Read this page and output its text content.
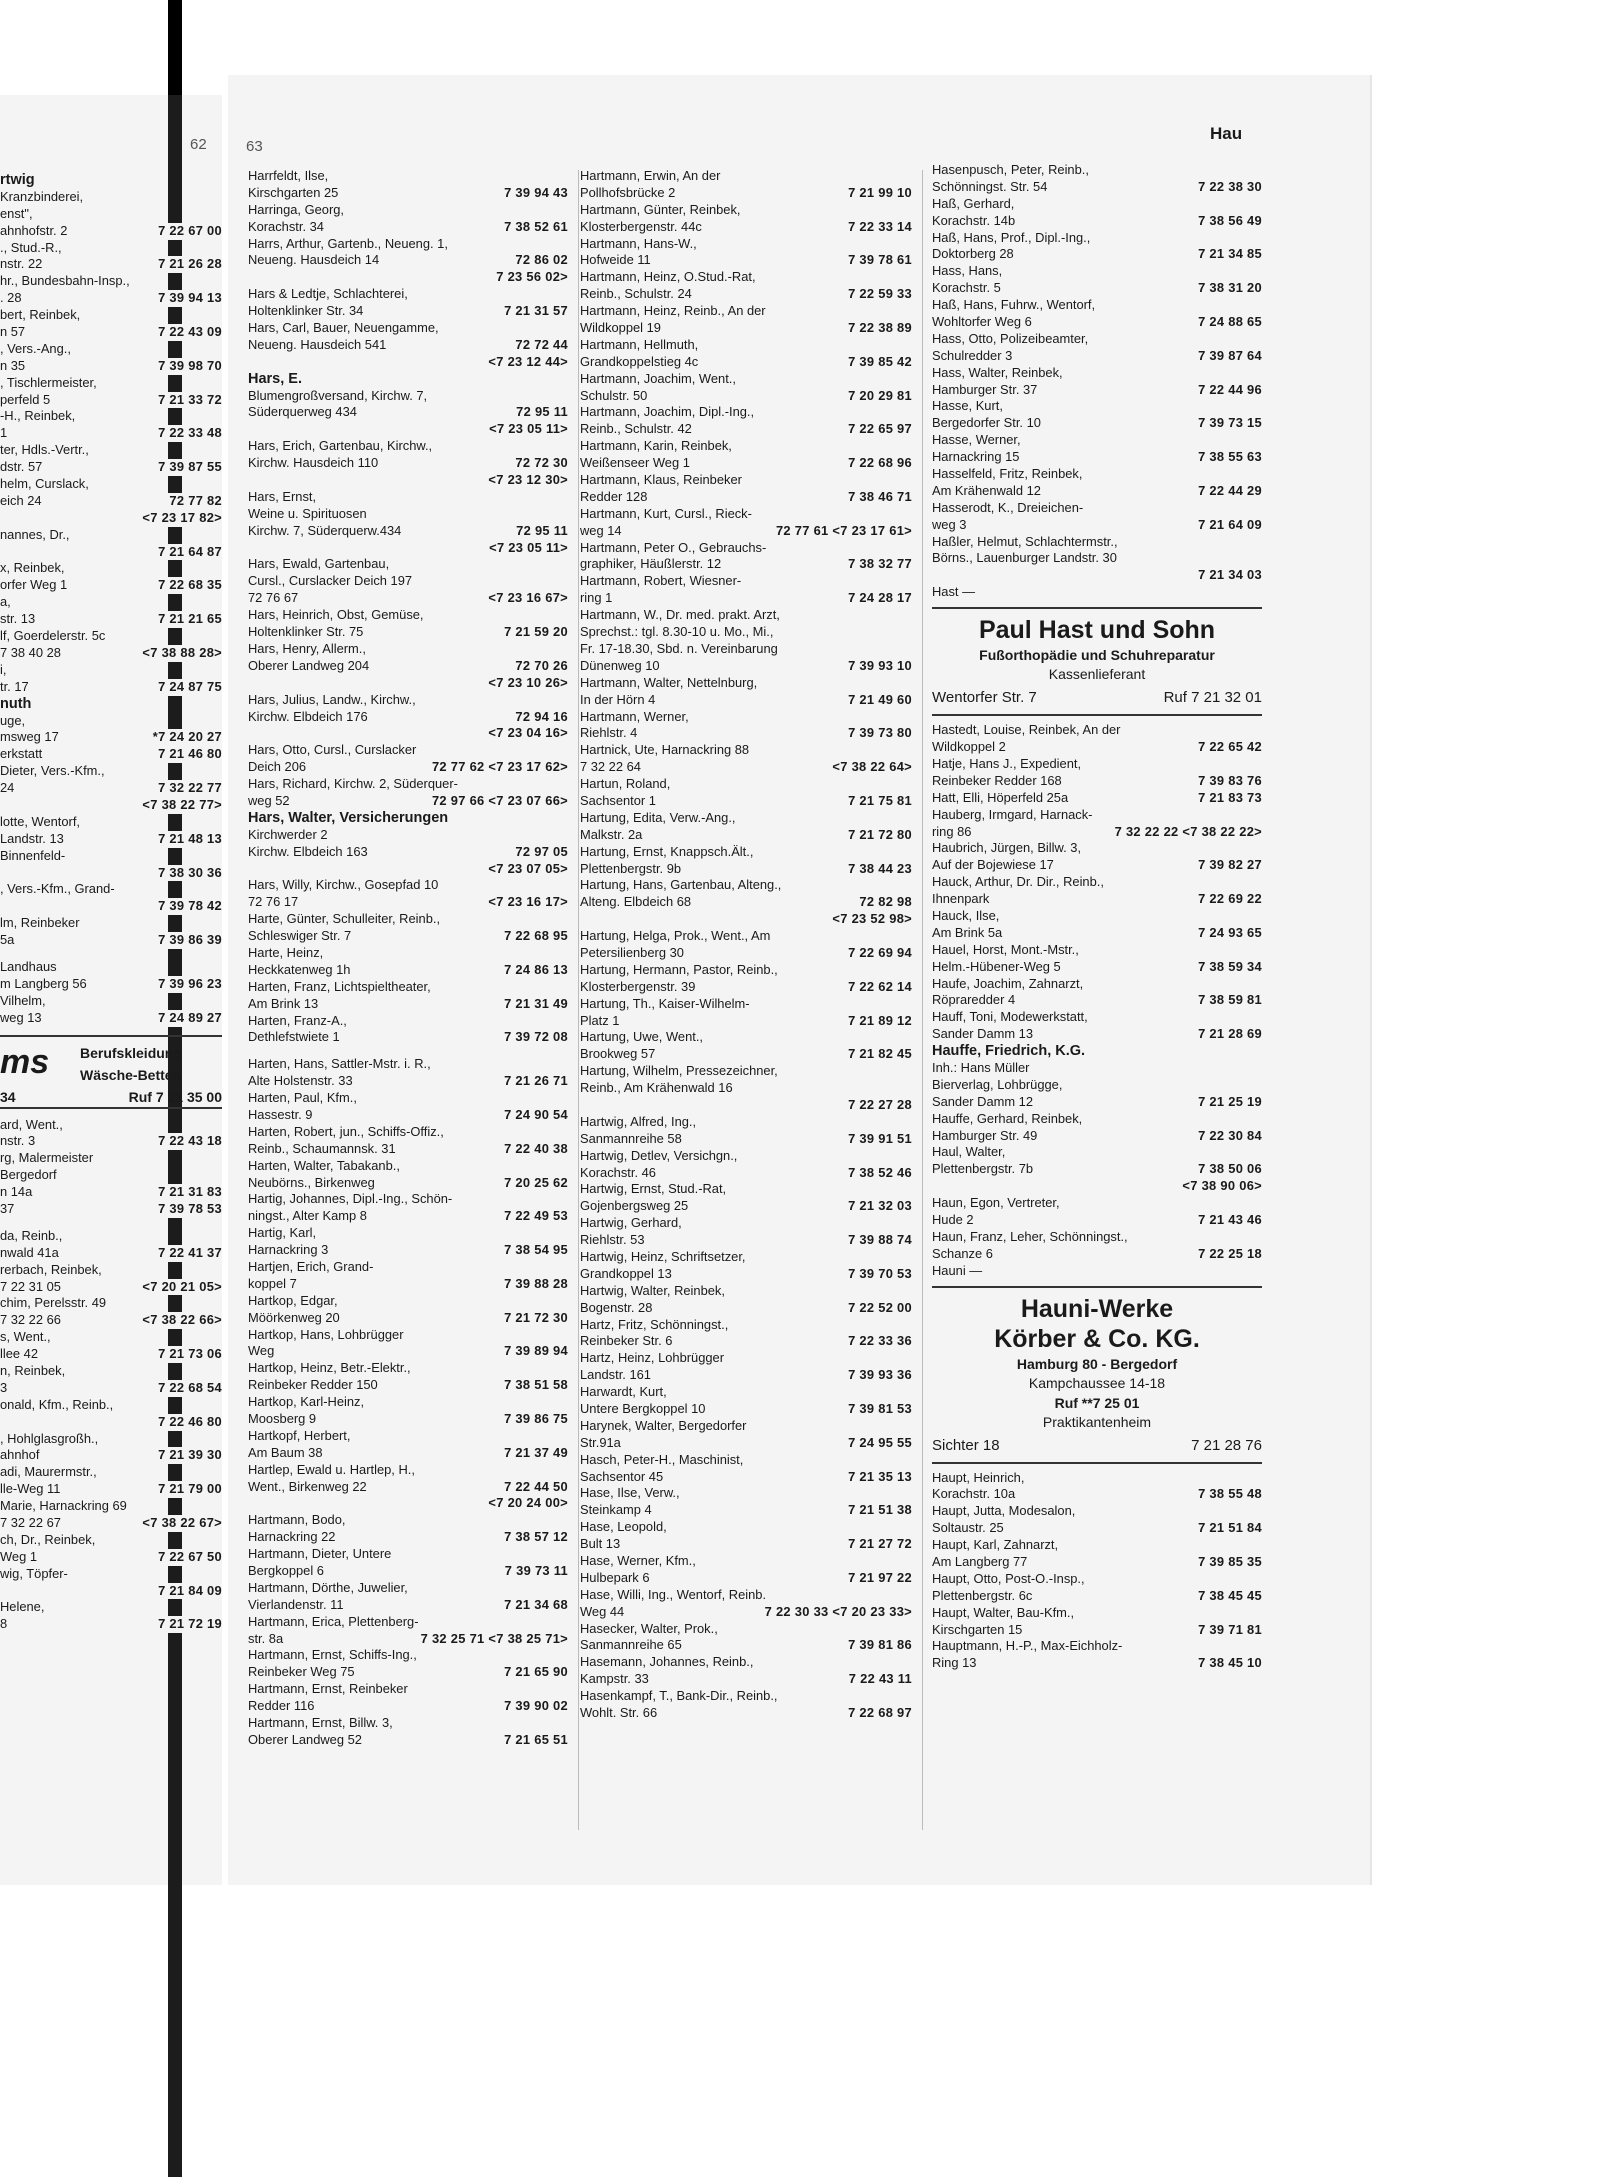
62	63
Hau
rtwig
Kranzbinderei,
enst",
ahnhofstr. 2	7 22 67 00
., Stud.-R.,
nstr. 22	7 21 26 28
hr., Bundesbahn-Insp.,
. 28	7 39 94 13
bert, Reinbek,
n 57	7 22 43 09
, Vers.-Ang.,
n 35	7 39 98 70
, Tischlermeister,
perfeld 5	7 21 33 72
-H., Reinbek,
1	7 22 33 48
ter, Hdls.-Vertr.,
dstr. 57	7 39 87 55
helm, Curslack,
eich 24	72 77 82
<7 23 17 82>
nannes, Dr.,
7 21 64 87
x, Reinbek,
orfer Weg 1	7 22 68 35
a,
str. 13	7 21 21 65
lf, Goerdelerstr. 5c
7 38 40 28	<7 38 88 28>
i,
tr. 17	7 24 87 75
nuth
uge,
msweg 17	*7 24 20 27
erkstatt	7 21 46 80
Dieter, Vers.-Kfm.,
24	7 32 22 77
<7 38 22 77>
lotte, Wentorf,
Landstr. 13	7 21 48 13
Binnenfeld-
7 38 30 36
, Vers.-Kfm., Grand-
7 39 78 42
lm, Reinbeker
5a	7 39 86 39
Landhaus
m Langberg 56	7 39 96 23
Vilhelm,
weg 13	7 24 89 27
ms Berufskleidung
Wäsche-Betten
34	Ruf 7 21 35 00
ard, Went.,
nstr. 3	7 22 43 18
rg, Malermeister
Bergedorf
n 14a	7 21 31 83
37	7 39 78 53
da, Reinb.,
nwald 41a	7 22 41 37
rerbach, Reinbek,
7 22 31 05	<7 20 21 05>
chim, Perelsstr. 49
7 32 22 66	<7 38 22 66>
s, Went.,
llee 42	7 21 73 06
n, Reinbek,
3	7 22 68 54
onald, Kfm., Reinb.,
7 22 46 80
, Hohlglasgroßh.,
ahnhof	7 21 39 30
adi, Maurermstr.,
lle-Weg 11	7 21 79 00
Marie, Harnackring 69
7 32 22 67	<7 38 22 67>
ch, Dr., Reinbek,
Weg 1	7 22 67 50
wig, Töpfer-
7 21 84 09
Helene,
8	7 21 72 19
Harrfeldt, Ilse,
Kirschgarten 25	7 39 94 43
Harringa, Georg,
Korachstr. 34	7 38 52 61
Harrs, Arthur, Gartenb., Neueng. 1,
Neueng. Hausdeich 14	72 86 02
7 23 56 02>
Hars & Ledtje, Schlachterei,
Holtenklinker Str. 34	7 21 31 57
Hars, Carl, Bauer, Neuengamme,
Neueng. Hausdeich 541	72 72 44
<7 23 12 44>
Hars, E.
Blumengroßversand, Kirchw. 7,
Süderquerweg 434	72 95 11
<7 23 05 11>
Hars, Erich, Gartenbau, Kirchw.,
Kirchw. Hausdeich 110	72 72 30
<7 23 12 30>
Hars, Ernst,
Weine u. Spirituosen
Kirchw. 7, Süderquerw.434	72 95 11
<7 23 05 11>
Hars, Ewald, Gartenbau,
Cursl., Curslacker Deich 197
72 76 67	<7 23 16 67>
Hars, Heinrich, Obst, Gemüse,
Holtenklinker Str. 75	7 21 59 20
Hars, Henry, Allerm.,
Oberer Landweg 204	72 70 26
<7 23 10 26>
Hars, Julius, Landw., Kirchw.,
Kirchw. Elbdeich 176	72 94 16
<7 23 04 16>
Hars, Otto, Cursl., Curslacker
Deich 206	72 77 62 <7 23 17 62>
Hars, Richard, Kirchw. 2, Süderquer-
weg 52	72 97 66 <7 23 07 66>
Hars, Walter, Versicherungen
Kirchwerder 2
Kirchw. Elbdeich 163	72 97 05
<7 23 07 05>
Hars, Willy, Kirchw., Gosepfad 10
72 76 17	<7 23 16 17>
Harte, Günter, Schulleiter, Reinb.,
Schleswiger Str. 7	7 22 68 95
Harte, Heinz,
Heckkatenweg 1h	7 24 86 13
Harten, Franz, Lichtspieltheater,
Am Brink 13	7 21 31 49
Harten, Franz-A.,
Dethlefstwiete 1	7 39 72 08
Harten, Hans, Sattler-Mstr. i. R.,
Alte Holstenstr. 33	7 21 26 71
Harten, Paul, Kfm.,
Hassestr. 9	7 24 90 54
Harten, Robert, jun., Schiffs-Offiz.,
Reinb., Schaumannsk. 31	7 22 40 38
Harten, Walter, Tabakanb.,
Neubörns., Birkenweg	7 20 25 62
Hartig, Johannes, Dipl.-Ing., Schön-
ningst., Alter Kamp 8	7 22 49 53
Hartig, Karl,
Harnackring 3	7 38 54 95
Hartjen, Erich, Grand-
koppel 7	7 39 88 28
Hartkop, Edgar,
Möörkenweg 20	7 21 72 30
Hartkop, Hans, Lohbrügger
Weg	7 39 89 94
Hartkop, Heinz, Betr.-Elektr.,
Reinbeker Redder 150	7 38 51 58
Hartkop, Karl-Heinz,
Moosberg 9	7 39 86 75
Hartkopf, Herbert,
Am Baum 38	7 21 37 49
Hartlep, Ewald u. Hartlep, H.,
Went., Birkenweg 22	7 22 44 50
<7 20 24 00>
Hartmann, Bodo,
Harnackring 22	7 38 57 12
Hartmann, Dieter, Untere
Bergkoppel 6	7 39 73 11
Hartmann, Dörthe, Juwelier,
Vierlandenstr. 11	7 21 34 68
Hartmann, Erica, Plettenberg-
str. 8a	7 32 25 71 <7 38 25 71>
Hartmann, Ernst, Schiffs-Ing.,
Reinbeker Weg 75	7 21 65 90
Hartmann, Ernst, Reinbeker
Redder 116	7 39 90 02
Hartmann, Ernst, Billw. 3,
Oberer Landweg 52	7 21 65 51
Hartmann, Erwin, An der
Pollhofsbrücke 2	7 21 99 10
Hartmann, Günter, Reinbek,
Klosterbergenstr. 44c	7 22 33 14
Hartmann, Hans-W.,
Hofweide 11	7 39 78 61
Hartmann, Heinz, O.Stud.-Rat,
Reinb., Schulstr. 24	7 22 59 33
Hartmann, Heinz, Reinb., An der
Wildkoppel 19	7 22 38 89
Hartmann, Hellmuth,
Grandkoppelstieg 4c	7 39 85 42
Hartmann, Joachim, Went.,
Schulstr. 50	7 20 29 81
Hartmann, Joachim, Dipl.-Ing.,
Reinb., Schulstr. 42	7 22 65 97
Hartmann, Karin, Reinbek,
Weißenseer Weg 1	7 22 68 96
Hartmann, Klaus, Reinbeker
Redder 128	7 38 46 71
Hartmann, Kurt, Cursl., Rieck-
weg 14	72 77 61 <7 23 17 61>
Hartmann, Peter O., Gebrauchs-
graphiker, Häußlerstr. 12	7 38 32 77
Hartmann, Robert, Wiesner-
ring 1	7 24 28 17
Hartmann, W., Dr. med. prakt. Arzt,
Sprechst.: tgl. 8.30-10 u. Mo., Mi.,
Fr. 17-18.30, Sbd. n. Vereinbarung
Dünenweg 10	7 39 93 10
Hartmann, Walter, Nettelnburg,
In der Hörn 4	7 21 49 60
Hartmann, Werner,
Riehlstr. 4	7 39 73 80
Hartnick, Ute, Harnackring 88
7 32 22 64	<7 38 22 64>
Hartun, Roland,
Sachsentor 1	7 21 75 81
Hartung, Edita, Verw.-Ang.,
Malkstr. 2a	7 21 72 80
Hartung, Ernst, Knappsch.Ält.,
Plettenbergstr. 9b	7 38 44 23
Hartung, Hans, Gartenbau, Alteng.,
Alteng. Elbdeich 68	72 82 98
<7 23 52 98>
Hartung, Helga, Prok., Went., Am
Petersilienberg 30	7 22 69 94
Hartung, Hermann, Pastor, Reinb.,
Klosterbergenstr. 39	7 22 62 14
Hartung, Th., Kaiser-Wilhelm-
Platz 1	7 21 89 12
Hartung, Uwe, Went.,
Brookweg 57	7 21 82 45
Hartung, Wilhelm, Pressezeichner,
Reinb., Am Krähenwald 16
7 22 27 28
Hartwig, Alfred, Ing.,
Sanmannreihe 58	7 39 91 51
Hartwig, Detlev, Versichgn.,
Korachstr. 46	7 38 52 46
Hartwig, Ernst, Stud.-Rat,
Gojenbergsweg 25	7 21 32 03
Hartwig, Gerhard,
Riehlstr. 53	7 39 88 74
Hartwig, Heinz, Schriftsetzer,
Grandkoppel 13	7 39 70 53
Hartwig, Walter, Reinbek,
Bogenstr. 28	7 22 52 00
Hartz, Fritz, Schönningst.,
Reinbeker Str. 6	7 22 33 36
Hartz, Heinz, Lohbrügger
Landstr. 161	7 39 93 36
Harwardt, Kurt,
Untere Bergkoppel 10	7 39 81 53
Harynek, Walter, Bergedorfer
Str.91a	7 24 95 55
Hasch, Peter-H., Maschinist,
Sachsentor 45	7 21 35 13
Hase, Ilse, Verw.,
Steinkamp 4	7 21 51 38
Hase, Leopold,
Bult 13	7 21 27 72
Hase, Werner, Kfm.,
Hulbepark 6	7 21 97 22
Hase, Willi, Ing., Wentorf, Reinb.
Weg 44	7 22 30 33 <7 20 23 33>
Hasecker, Walter, Prok.,
Sanmannreihe 65	7 39 81 86
Hasemann, Johannes, Reinb.,
Kampstr. 33	7 22 43 11
Hasenkampf, T., Bank-Dir., Reinb.,
Wohlt. Str. 66	7 22 68 97
Hasenpusch, Peter, Reinb.,
Schönningst. Str. 54	7 22 38 30
Haß, Gerhard,
Korachstr. 14b	7 38 56 49
Haß, Hans, Prof., Dipl.-Ing.,
Doktorberg 28	7 21 34 85
Hass, Hans,
Korachstr. 5	7 38 31 20
Haß, Hans, Fuhrw., Wentorf,
Wohltorfer Weg 6	7 24 88 65
Hass, Otto, Polizeibeamter,
Schulredder 3	7 39 87 64
Hass, Walter, Reinbek,
Hamburger Str. 37	7 22 44 96
Hasse, Kurt,
Bergedorfer Str. 10	7 39 73 15
Hasse, Werner,
Harnackring 15	7 38 55 63
Hasselfeld, Fritz, Reinbek,
Am Krähenwald 12	7 22 44 29
Hasserodt, K., Dreieichen-
weg 3	7 21 64 09
Haßler, Helmut, Schlachtermstr.,
Börns., Lauenburger Landstr. 30
7 21 34 03
Hast —
Paul Hast und Sohn
Fußorthopädie und Schuhreparatur
Kassenlieferant
Wentorfer Str. 7	Ruf 7 21 32 01
Hastedt, Louise, Reinbek, An der
Wildkoppel 2	7 22 65 42
Hatje, Hans J., Expedient,
Reinbeker Redder 168	7 39 83 76
Hatt, Elli, Höperfeld 25a	7 21 83 73
Hauberg, Irmgard, Harnack-
ring 86	7 32 22 22 <7 38 22 22>
Haubrich, Jürgen, Billw. 3,
Auf der Bojewiese 17	7 39 82 27
Hauck, Arthur, Dr. Dir., Reinb.,
Ihnenpark	7 22 69 22
Hauck, Ilse,
Am Brink 5a	7 24 93 65
Hauel, Horst, Mont.-Mstr.,
Helm.-Hübener-Weg 5	7 38 59 34
Haufe, Joachim, Zahnarzt,
Röpraredder 4	7 38 59 81
Hauff, Toni, Modewerkstatt,
Sander Damm 13	7 21 28 69
Hauffe, Friedrich, K.G.
Inh.: Hans Müller
Bierverlag, Lohbrügge,
Sander Damm 12	7 21 25 19
Hauffe, Gerhard, Reinbek,
Hamburger Str. 49	7 22 30 84
Haul, Walter,
Plettenbergstr. 7b	7 38 50 06
<7 38 90 06>
Haun, Egon, Vertreter,
Hude 2	7 21 43 46
Haun, Franz, Leher, Schönningst.,
Schanze 6	7 22 25 18
Hauni —
Hauni-Werke
Körber & Co. KG.
Hamburg 80 - Bergedorf
Kampchaussee 14-18
Ruf **7 25 01
Praktikantenheim
Sichter 18	7 21 28 76
Haupt, Heinrich,
Korachstr. 10a	7 38 55 48
Haupt, Jutta, Modesalon,
Soltaustr. 25	7 21 51 84
Haupt, Karl, Zahnarzt,
Am Langberg 77	7 39 85 35
Haupt, Otto, Post-O.-Insp.,
Plettenbergstr. 6c	7 38 45 45
Haupt, Walter, Bau-Kfm.,
Kirschgarten 15	7 39 71 81
Hauptmann, H.-P., Max-Eichholz-
Ring 13	7 38 45 10
